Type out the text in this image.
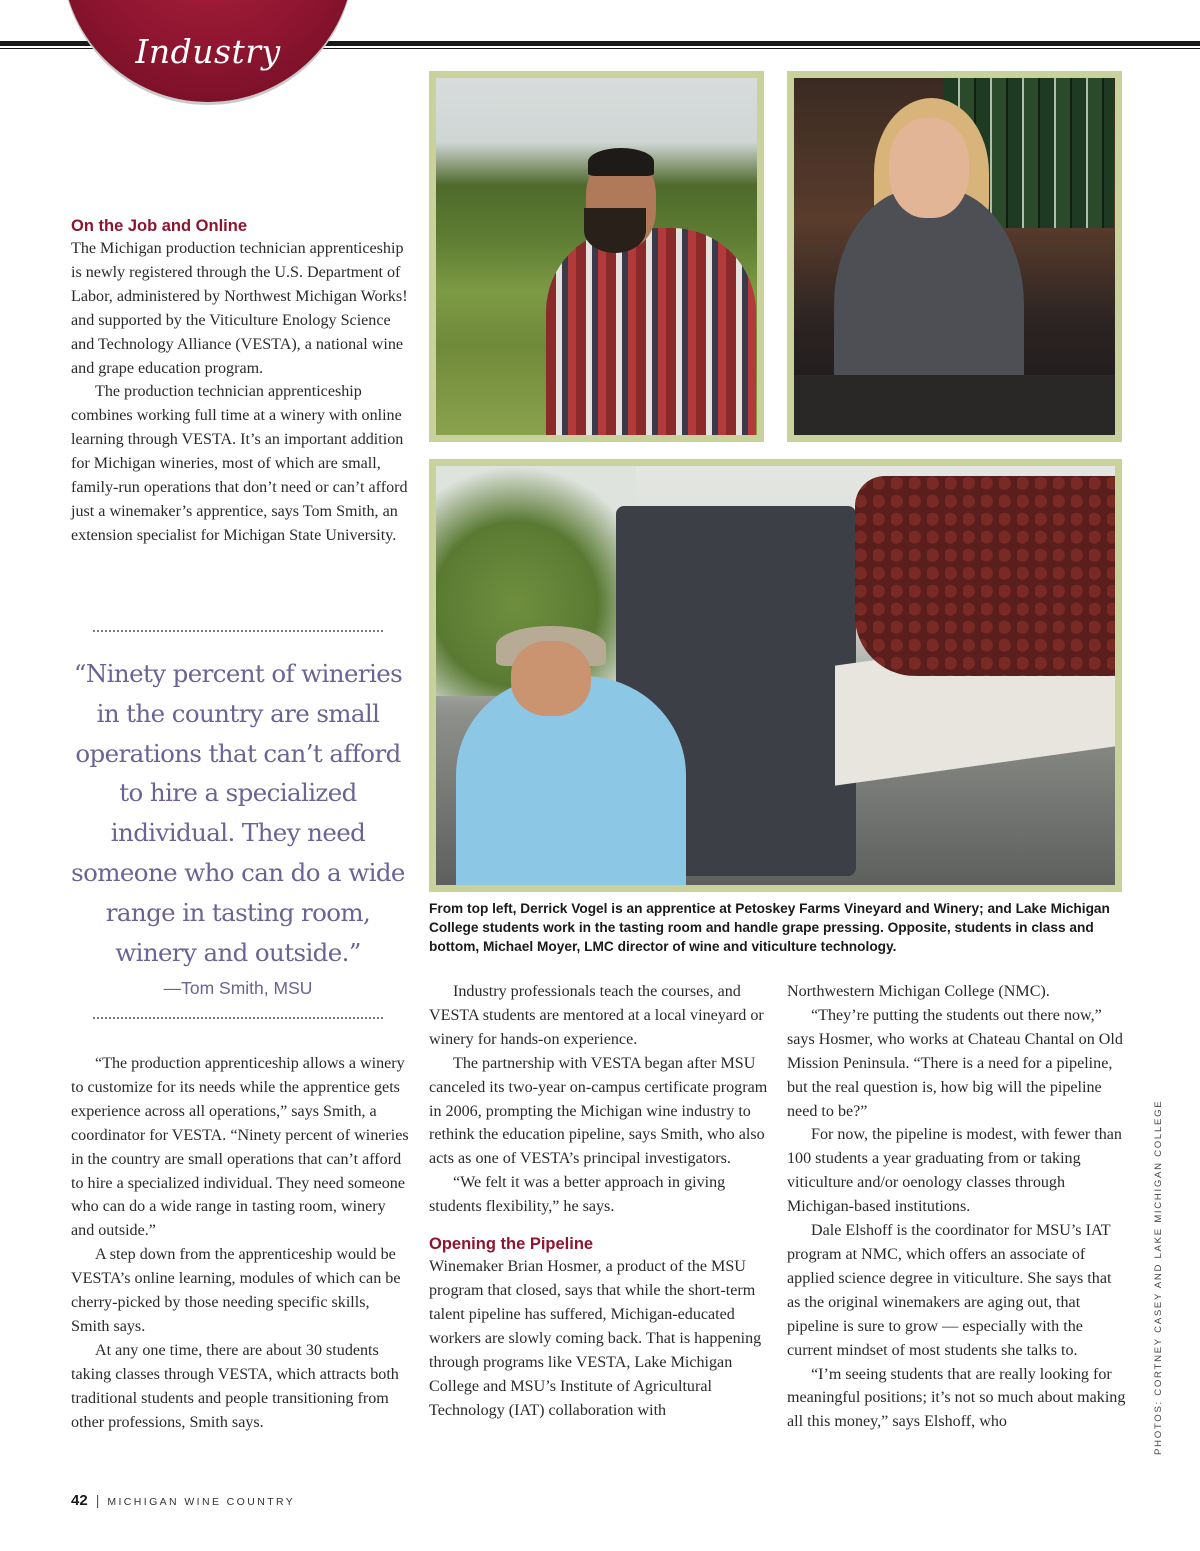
Industry
From top left, Derrick Vogel is an apprentice at Petoskey Farms Vineyard and Winery; and Lake Michigan College students work in the tasting room and handle grape pressing. Opposite, students in class and bottom, Michael Moyer, LMC director of wine and viticulture technology.

On the Job and Online

The Michigan production technician apprenticeship is newly registered through the U.S. Department of Labor, administered by Northwest Michigan Works! and supported by the Viticulture Enology Science and Technology Alliance (VESTA), a national wine and grape education program.

The production technician apprenticeship combines working full time at a winery with online learning through VESTA. It’s an important addition for Michigan wineries, most of which are small, family-run operations that don’t need or can’t afford just a winemaker’s apprentice, says Tom Smith, an extension specialist for Michigan State University.

“Ninety percent of wineries in the country are small operations that can’t afford to hire a specialized individual. They need someone who can do a wide range in tasting room, winery and outside.”
—Tom Smith, MSU

“The production apprenticeship allows a winery to customize for its needs while the apprentice gets experience across all operations,” says Smith, a coordinator for VESTA. “Ninety percent of wineries in the country are small operations that can’t afford to hire a specialized individual. They need someone who can do a wide range in tasting room, winery and outside.”

A step down from the apprenticeship would be VESTA’s online learning, modules of which can be cherry-picked by those needing specific skills, Smith says.

At any one time, there are about 30 students taking classes through VESTA, which attracts both traditional students and people transitioning from other professions, Smith says.

Industry professionals teach the courses, and VESTA students are mentored at a local vineyard or winery for hands-on experience.

The partnership with VESTA began after MSU canceled its two-year on-campus certificate program in 2006, prompting the Michigan wine industry to rethink the education pipeline, says Smith, who also acts as one of VESTA’s principal investigators.

“We felt it was a better approach in giving students flexibility,” he says.

Opening the Pipeline

Winemaker Brian Hosmer, a product of the MSU program that closed, says that while the short-term talent pipeline has suffered, Michigan-educated workers are slowly coming back. That is happening through programs like VESTA, Lake Michigan College and MSU’s Institute of Agricultural Technology (IAT) collaboration with

Northwestern Michigan College (NMC).

“They’re putting the students out there now,” says Hosmer, who works at Chateau Chantal on Old Mission Peninsula. “There is a need for a pipeline, but the real question is, how big will the pipeline need to be?”

For now, the pipeline is modest, with fewer than 100 students a year graduating from or taking viticulture and/or oenology classes through Michigan-based institutions.

Dale Elshoff is the coordinator for MSU’s IAT program at NMC, which offers an associate of applied science degree in viticulture. She says that as the original winemakers are aging out, that pipeline is sure to grow — especially with the current mindset of most students she talks to.

“I’m seeing students that are really looking for meaningful positions; it’s not so much about making all this money,” says Elshoff, who

42 | MICHIGAN WINE COUNTRY
PHOTOS: CORTNEY CASEY AND LAKE MICHIGAN COLLEGE
